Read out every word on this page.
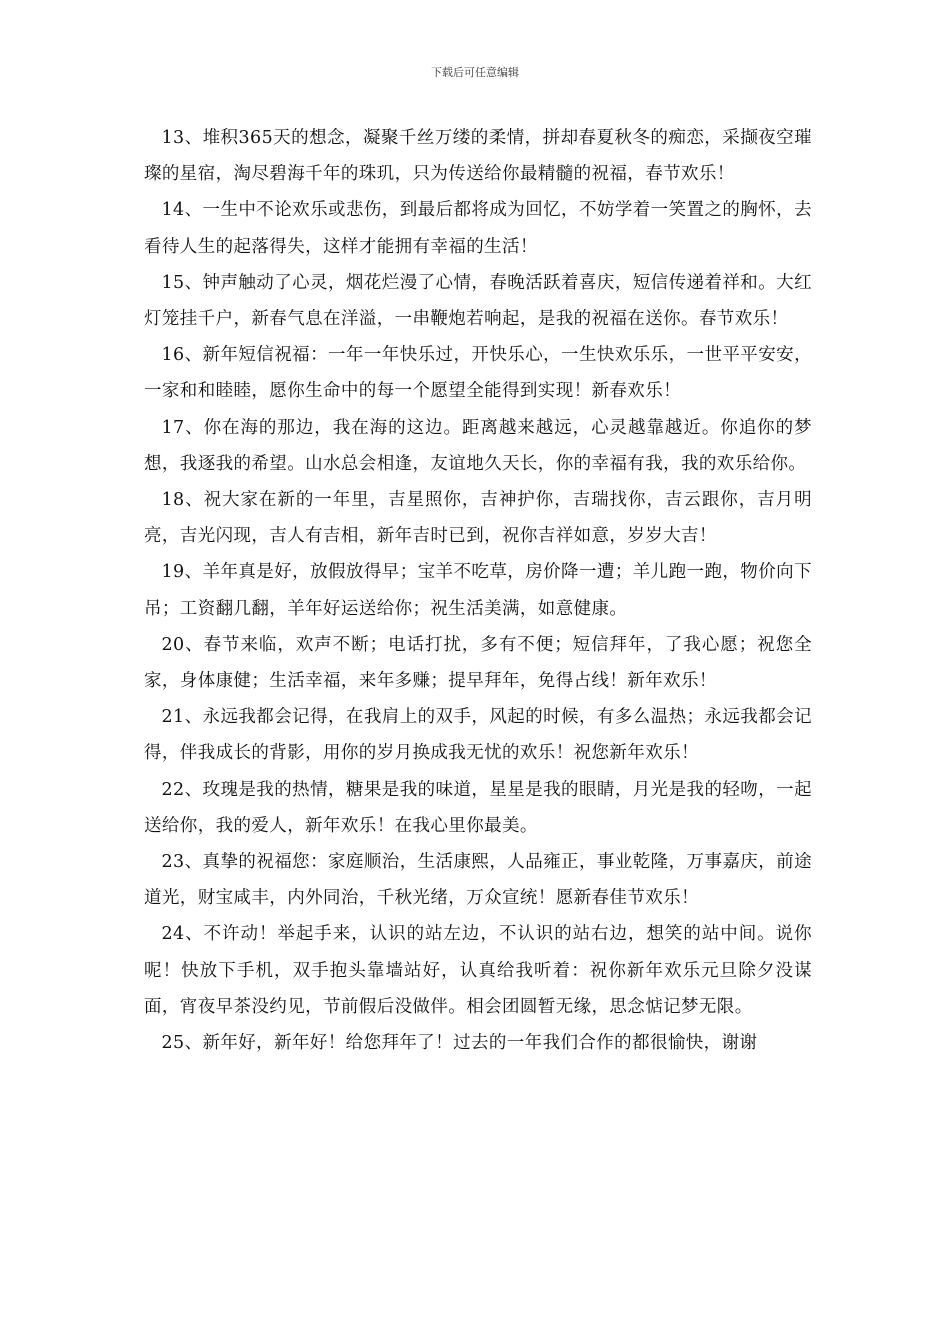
下载后可任意编辑

13、堆积365天的想念，凝聚千丝万缕的柔情，拼却春夏秋冬的痴恋，采撷夜空璀璨的星宿，淘尽碧海千年的珠玑，只为传送给你最精髓的祝福，春节欢乐！

14、一生中不论欢乐或悲伤，到最后都将成为回忆，不妨学着一笑置之的胸怀，去看待人生的起落得失，这样才能拥有幸福的生活！

15、钟声触动了心灵，烟花烂漫了心情，春晚活跃着喜庆，短信传递着祥和。大红灯笼挂千户，新春气息在洋溢，一串鞭炮若响起，是我的祝福在送你。春节欢乐！

16、新年短信祝福：一年一年快乐过，开快乐心，一生快欢乐乐，一世平平安安，一家和和睦睦，愿你生命中的每一个愿望全能得到实现！新春欢乐！

17、你在海的那边，我在海的这边。距离越来越远，心灵越靠越近。你追你的梦想，我逐我的希望。山水总会相逢，友谊地久天长，你的幸福有我，我的欢乐给你。

18、祝大家在新的一年里，吉星照你，吉神护你，吉瑞找你，吉云跟你，吉月明亮，吉光闪现，吉人有吉相，新年吉时已到，祝你吉祥如意，岁岁大吉！

19、羊年真是好，放假放得早；宝羊不吃草，房价降一遭；羊儿跑一跑，物价向下吊；工资翻几翻，羊年好运送给你；祝生活美满，如意健康。

20、春节来临，欢声不断；电话打扰，多有不便；短信拜年，了我心愿；祝您全家，身体康健；生活幸福，来年多赚；提早拜年，免得占线！新年欢乐！

21、永远我都会记得，在我肩上的双手，风起的时候，有多么温热；永远我都会记得，伴我成长的背影，用你的岁月换成我无忧的欢乐！祝您新年欢乐！

22、玫瑰是我的热情，糖果是我的味道，星星是我的眼睛，月光是我的轻吻，一起送给你，我的爱人，新年欢乐！在我心里你最美。

23、真挚的祝福您：家庭顺治，生活康熙，人品雍正，事业乾隆，万事嘉庆，前途道光，财宝咸丰，内外同治，千秋光绪，万众宣统！愿新春佳节欢乐！

24、不许动！举起手来，认识的站左边，不认识的站右边，想笑的站中间。说你呢！快放下手机，双手抱头靠墙站好，认真给我听着：祝你新年欢乐元旦除夕没谋面，宵夜早茶没约见，节前假后没做伴。相会团圆暂无缘，思念惦记梦无限。

25、新年好，新年好！给您拜年了！过去的一年我们合作的都很愉快，谢谢
